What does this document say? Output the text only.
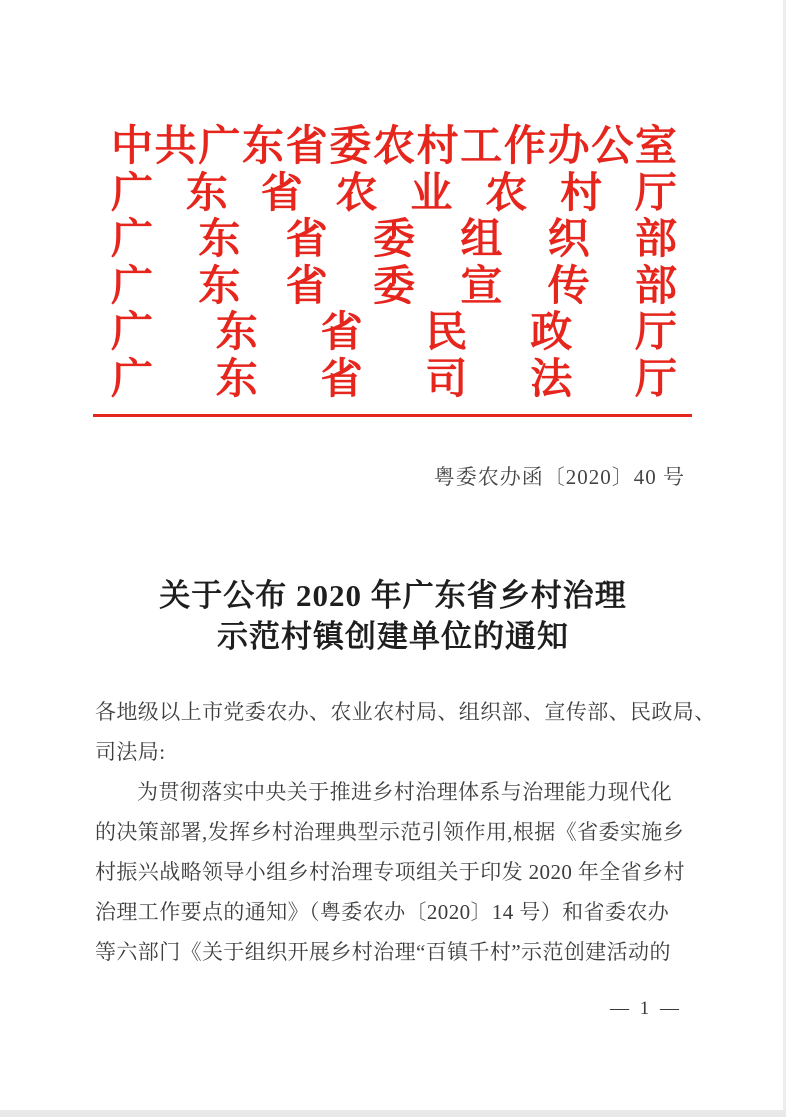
中 共 广 东 省 委 农 村 工 作 办 公 室
广 东 省 农 业 农 村 厅
广 东 省 委 组 织 部
广 东 省 委 宣 传 部
广 东 省 民 政 厅
广 东 省 司 法 厅
粤委农办函〔2020〕40 号
关于公布 2020 年广东省乡村治理
示范村镇创建单位的通知
各地级以上市党委农办、农业农村局、组织部、宣传部、民政局、
司法局:
为贯彻落实中央关于推进乡村治理体系与治理能力现代化
的决策部署,发挥乡村治理典型示范引领作用,根据《省委实施乡
村振兴战略领导小组乡村治理专项组关于印发 2020 年全省乡村
治理工作要点的通知》（粤委农办〔2020〕14 号）和省委农办
等六部门《关于组织开展乡村治理“百镇千村”示范创建活动的
— 1 —
